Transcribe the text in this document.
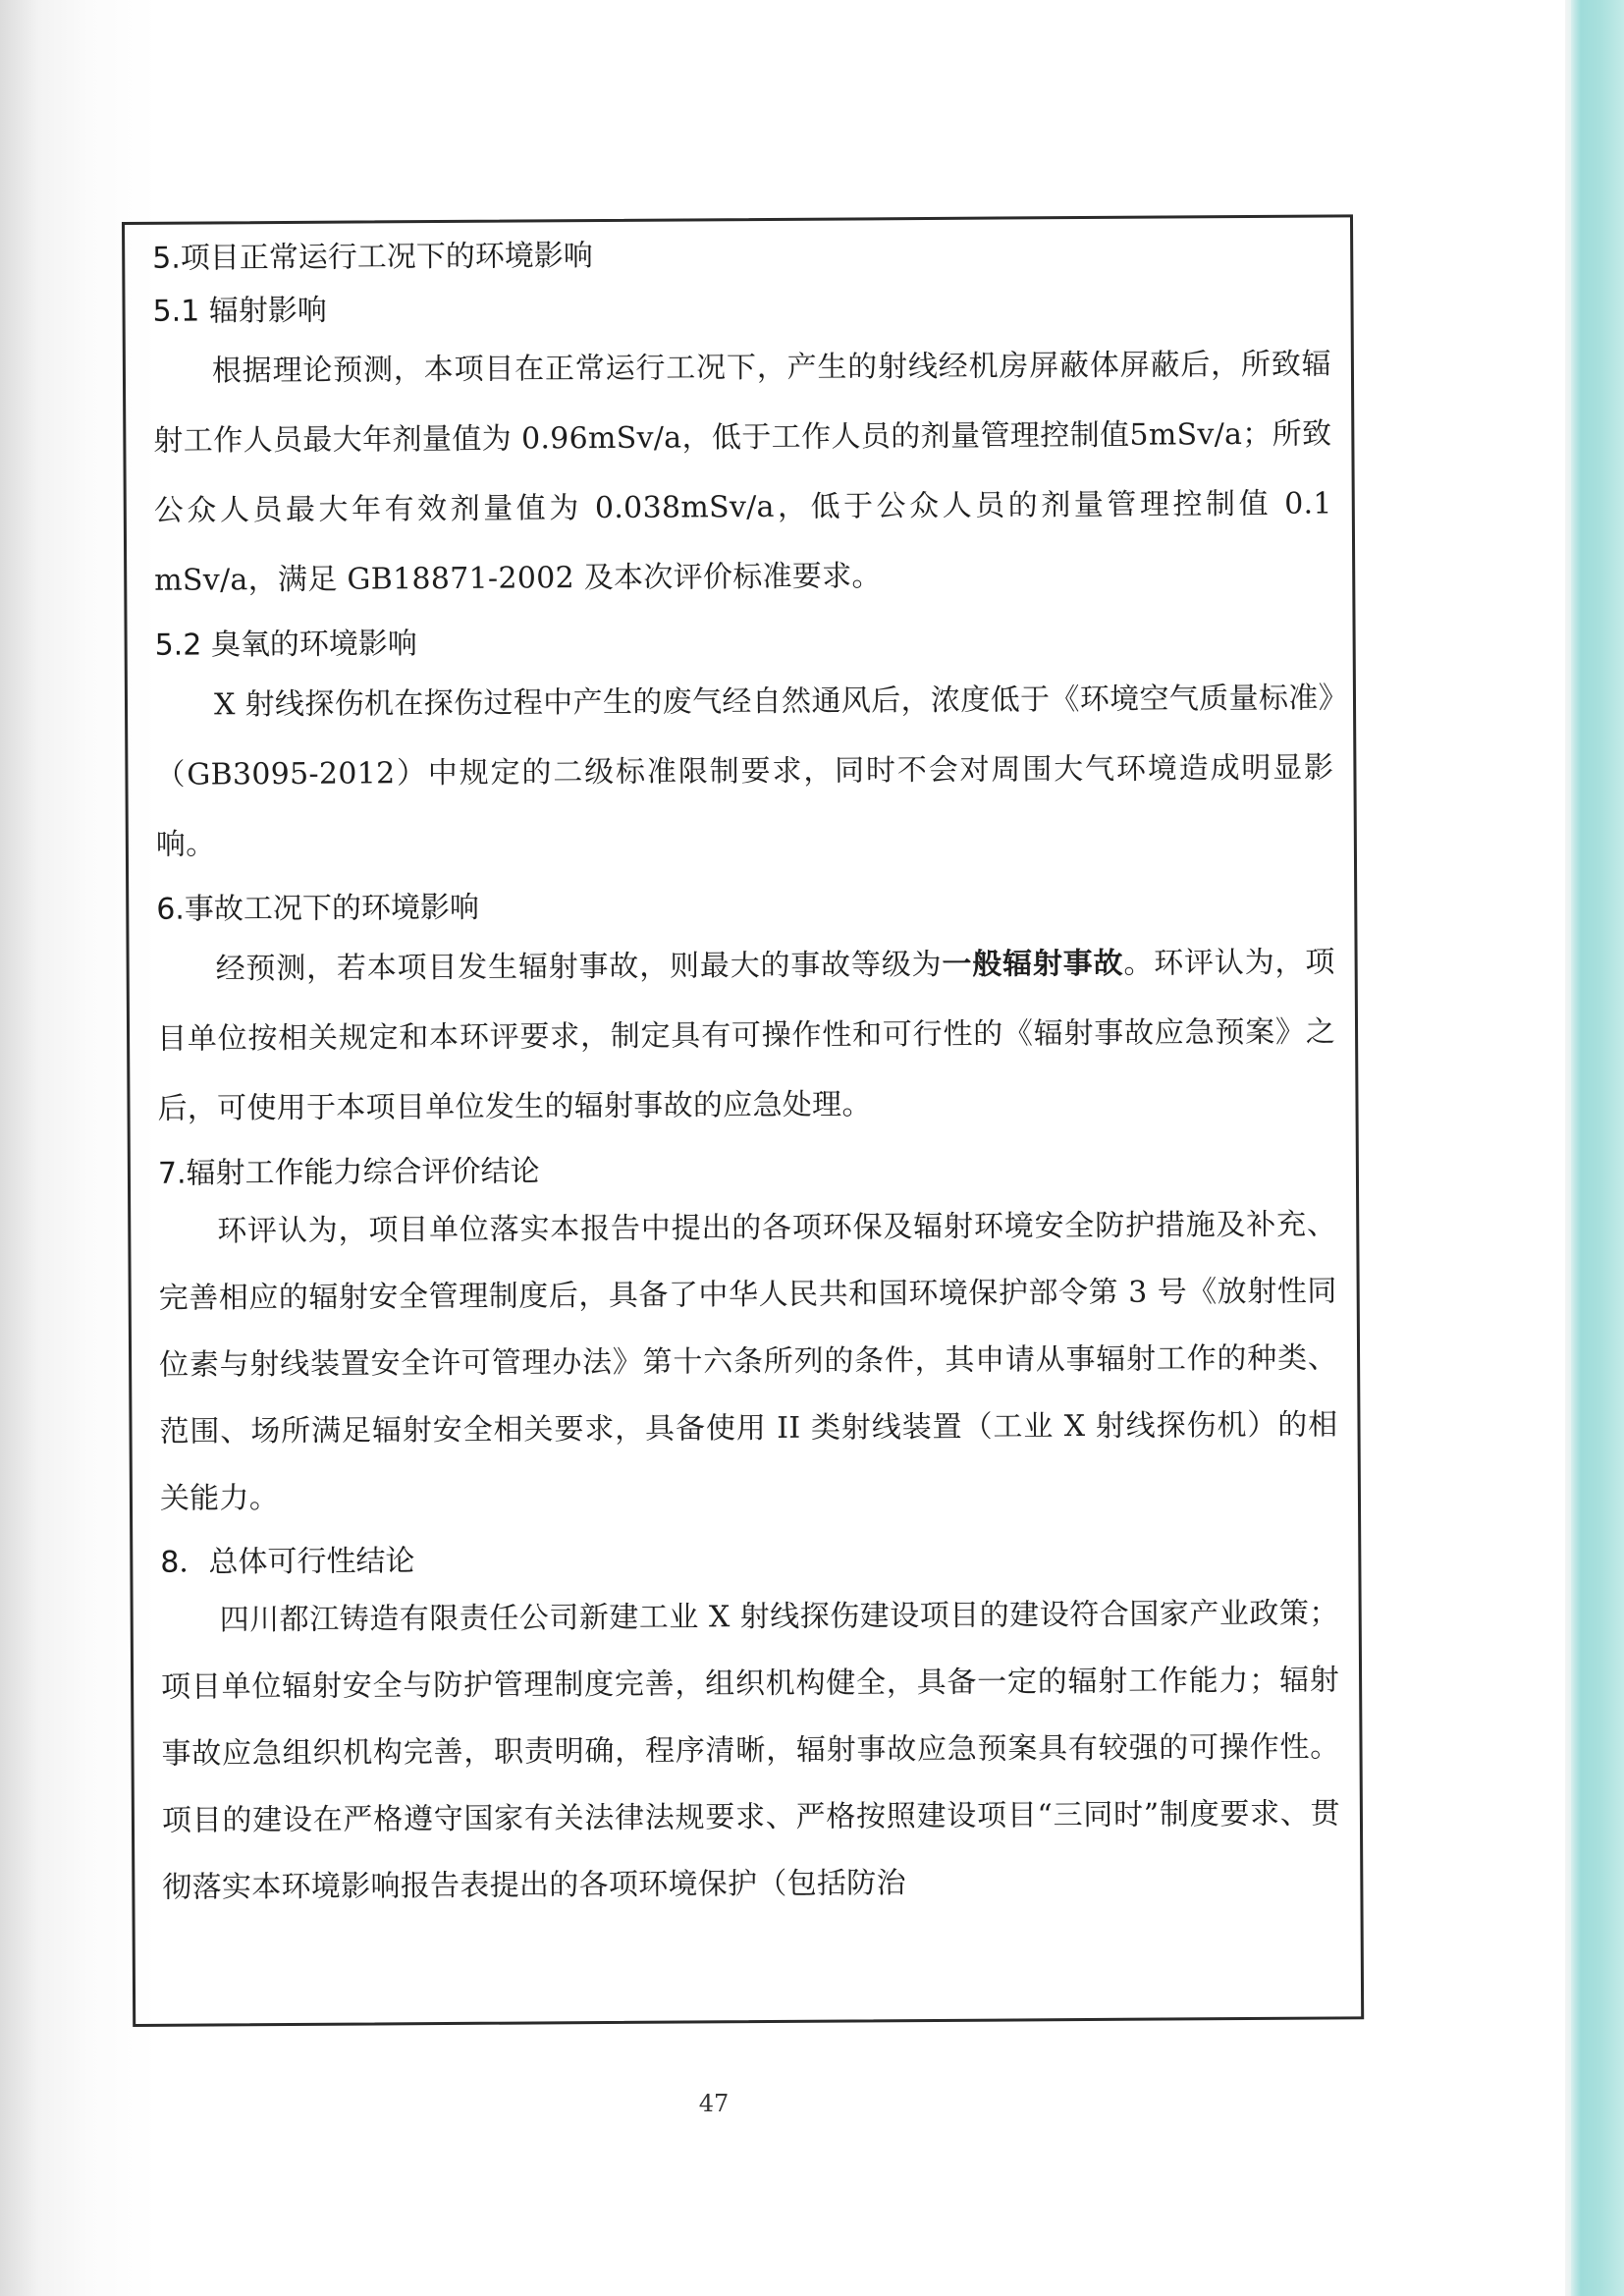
5.项目正常运行工况下的环境影响
5.1 辐射影响

根据理论预测，本项目在正常运行工况下，产生的射线经机房屏蔽体屏蔽后，所致辐射工作人员最大年剂量值为 0.96mSv/a，低于工作人员的剂量管理控制值5mSv/a；所致公众人员最大年有效剂量值为 0.038mSv/a，低于公众人员的剂量管理控制值 0.1 mSv/a，满足 GB18871-2002 及本次评价标准要求。

5.2 臭氧的环境影响

X 射线探伤机在探伤过程中产生的废气经自然通风后，浓度低于《环境空气质量标准》（GB3095-2012）中规定的二级标准限制要求，同时不会对周围大气环境造成明显影响。

6.事故工况下的环境影响

经预测，若本项目发生辐射事故，则最大的事故等级为一般辐射事故。环评认为，项目单位按相关规定和本环评要求，制定具有可操作性和可行性的《辐射事故应急预案》之后，可使用于本项目单位发生的辐射事故的应急处理。

7.辐射工作能力综合评价结论

环评认为，项目单位落实本报告中提出的各项环保及辐射环境安全防护措施及补充、完善相应的辐射安全管理制度后，具备了中华人民共和国环境保护部令第 3 号《放射性同位素与射线装置安全许可管理办法》第十六条所列的条件，其申请从事辐射工作的种类、范围、场所满足辐射安全相关要求，具备使用 II 类射线装置（工业 X 射线探伤机）的相关能力。

8．总体可行性结论

四川都江铸造有限责任公司新建工业 X 射线探伤建设项目的建设符合国家产业政策；项目单位辐射安全与防护管理制度完善，组织机构健全，具备一定的辐射工作能力；辐射事故应急组织机构完善，职责明确，程序清晰，辐射事故应急预案具有较强的可操作性。项目的建设在严格遵守国家有关法律法规要求、严格按照建设项目“三同时”制度要求、贯彻落实本环境影响报告表提出的各项环境保护（包括防治

47
